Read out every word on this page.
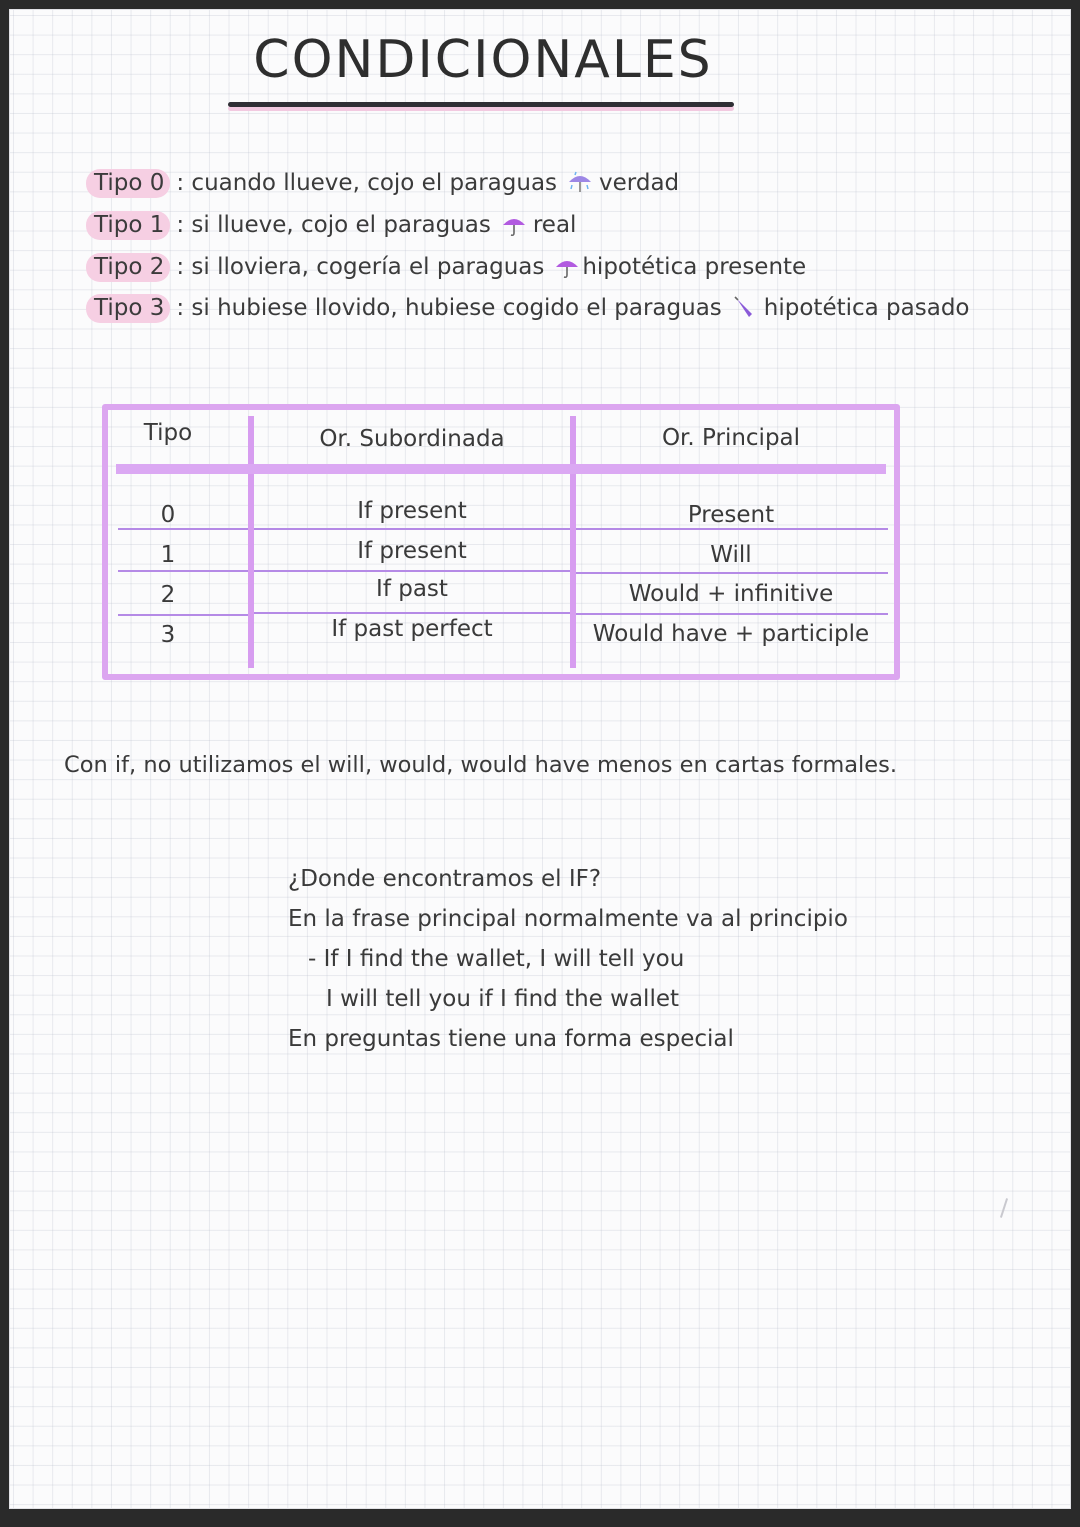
CONDICIONALES
Tipo 0 : cuando llueve, cojo el paraguas verdad
Tipo 1 : si llueve, cojo el paraguas real
Tipo 2 : si lloviera, cogería el paraguas hipotética presente
Tipo 3 : si hubiese llovido, hubiese cogido el paraguas hipotética pasado
Tipo	Or. Subordinada	Or. Principal
0	If present	Present
1	If present	Will
2	If past	Would + infinitive
3	If past perfect	Would have + participle
Con if, no utilizamos el will, would, would have menos en cartas formales.
¿Donde encontramos el IF?
En la frase principal normalmente va al principio
- If I find the wallet, I will tell you
I will tell you if I find the wallet
En preguntas tiene una forma especial
